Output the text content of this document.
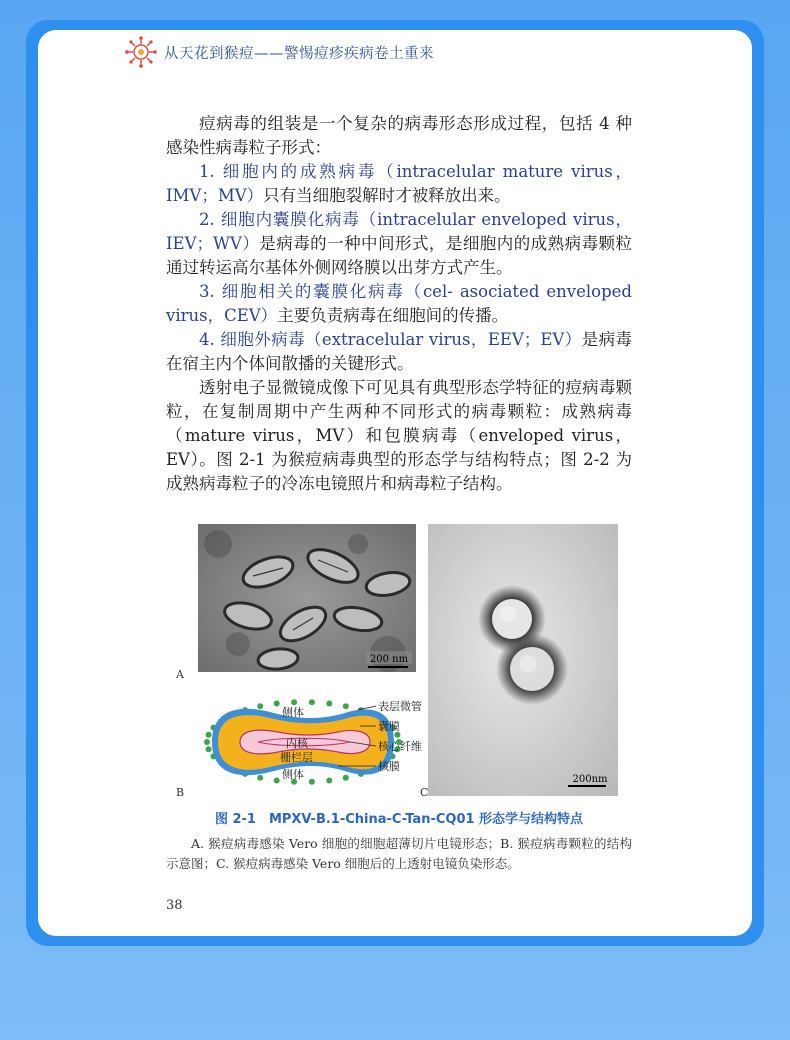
从天花到猴痘——警惕痘疹疾病卷土重来

痘病毒的组装是一个复杂的病毒形态形成过程，包括 4 种感染性病毒粒子形式：

1. 细胞内的成熟病毒（intracelular mature virus，IMV；MV）只有当细胞裂解时才被释放出来。

2. 细胞内囊膜化病毒（intracelular enveloped virus，IEV；WV）是病毒的一种中间形式，是细胞内的成熟病毒颗粒通过转运高尔基体外侧网络膜以出芽方式产生。

3. 细胞相关的囊膜化病毒（cel- asociated enveloped virus，CEV）主要负责病毒在细胞间的传播。

4. 细胞外病毒（extracelular virus，EEV；EV）是病毒在宿主内个体间散播的关键形式。

透射电子显微镜成像下可见具有典型形态学特征的痘病毒颗粒，在复制周期中产生两种不同形式的病毒颗粒：成熟病毒（mature virus，MV）和包膜病毒（enveloped virus，EV）。图 2-1 为猴痘病毒典型的形态学与结构特点；图 2-2 为成熟病毒粒子的冷冻电镜照片和病毒粒子结构。

200 nm
A
侧体
内核
栅栏层
侧体
表层微管
囊膜
核心纤维
核膜
B
200nm
C

图 2-1　MPXV-B.1-China-C-Tan-CQ01 形态学与结构特点

A. 猴痘病毒感染 Vero 细胞的细胞超薄切片电镜形态；B. 猴痘病毒颗粒的结构示意图；C. 猴痘病毒感染 Vero 细胞后的上透射电镜负染形态。

38
